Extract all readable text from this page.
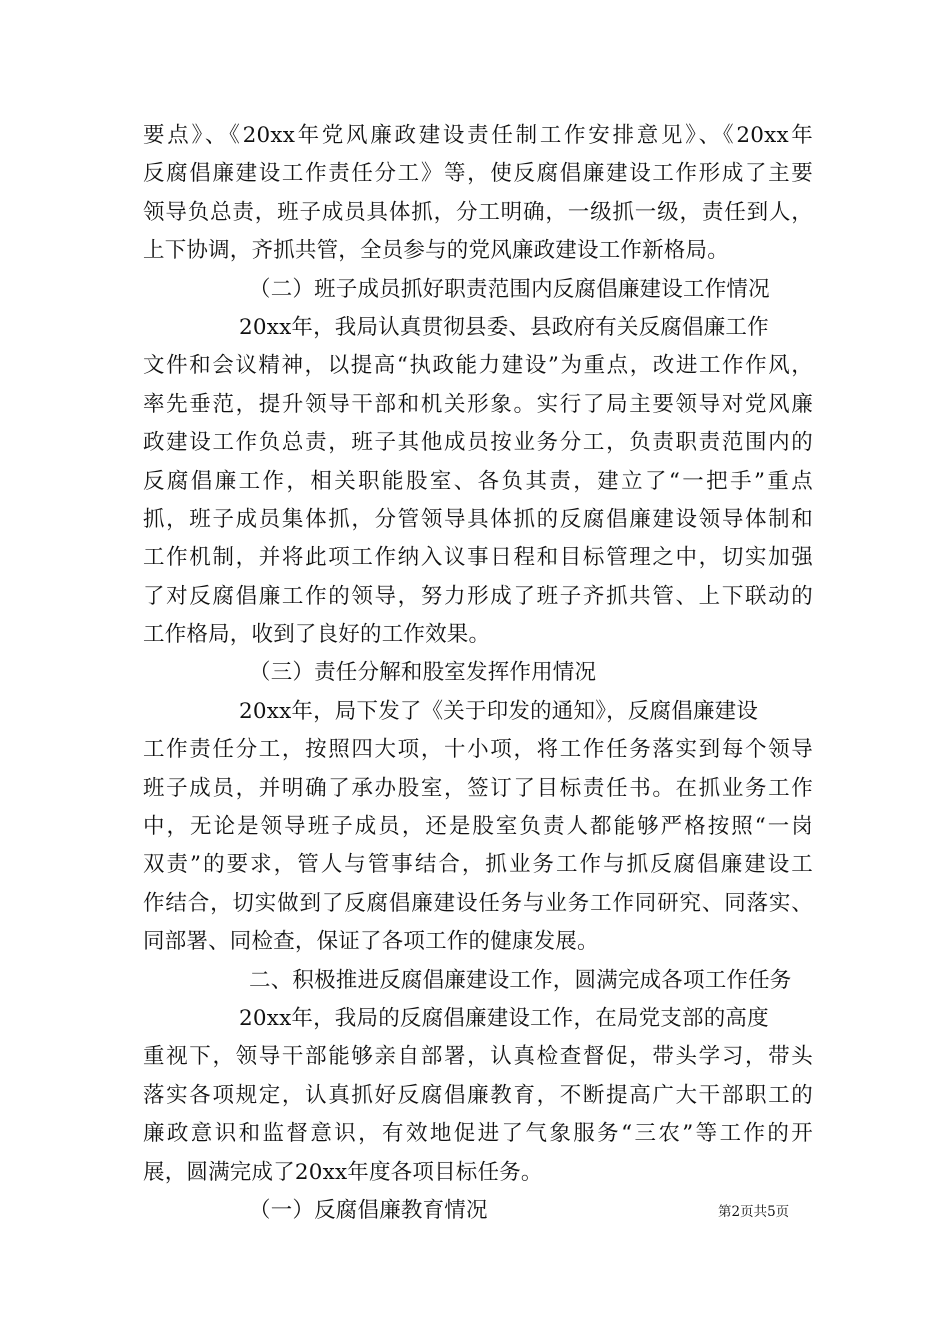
要点》、《20xx年党风廉政建设责任制工作安排意见》、《20xx年
反腐倡廉建设工作责任分工》等，使反腐倡廉建设工作形成了主要
领导负总责，班子成员具体抓，分工明确，一级抓一级，责任到人，
上下协调，齐抓共管，全员参与的党风廉政建设工作新格局。
（二）班子成员抓好职责范围内反腐倡廉建设工作情况
20xx年，我局认真贯彻县委、县政府有关反腐倡廉工作
文件和会议精神，以提高“执政能力建设”为重点，改进工作作风，
率先垂范，提升领导干部和机关形象。实行了局主要领导对党风廉
政建设工作负总责，班子其他成员按业务分工，负责职责范围内的
反腐倡廉工作，相关职能股室、各负其责，建立了“一把手”重点
抓，班子成员集体抓，分管领导具体抓的反腐倡廉建设领导体制和
工作机制，并将此项工作纳入议事日程和目标管理之中，切实加强
了对反腐倡廉工作的领导，努力形成了班子齐抓共管、上下联动的
工作格局，收到了良好的工作效果。
（三）责任分解和股室发挥作用情况
20xx年，局下发了《关于印发的通知》，反腐倡廉建设
工作责任分工，按照四大项，十小项，将工作任务落实到每个领导
班子成员，并明确了承办股室，签订了目标责任书。在抓业务工作
中，无论是领导班子成员，还是股室负责人都能够严格按照“一岗
双责”的要求，管人与管事结合，抓业务工作与抓反腐倡廉建设工
作结合，切实做到了反腐倡廉建设任务与业务工作同研究、同落实、
同部署、同检查，保证了各项工作的健康发展。
二、积极推进反腐倡廉建设工作，圆满完成各项工作任务
20xx年，我局的反腐倡廉建设工作，在局党支部的高度
重视下，领导干部能够亲自部署，认真检查督促，带头学习，带头
落实各项规定，认真抓好反腐倡廉教育，不断提高广大干部职工的
廉政意识和监督意识，有效地促进了气象服务“三农”等工作的开
展，圆满完成了20xx年度各项目标任务。
（一）反腐倡廉教育情况	第2页共5页
